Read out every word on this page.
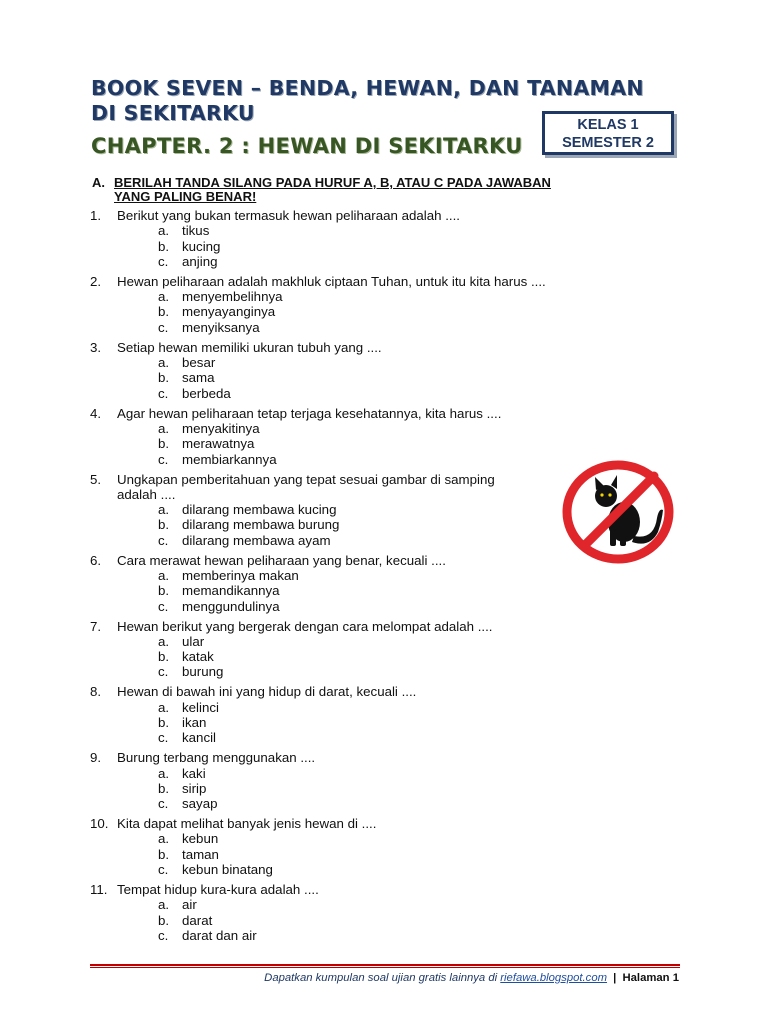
BOOK SEVEN – BENDA, HEWAN, DAN TANAMAN
DI SEKITARKU
CHAPTER. 2 : HEWAN DI SEKITARKU
KELAS 1
SEMESTER 2
A. BERILAH TANDA SILANG PADA HURUF A, B, ATAU C PADA JAWABAN
YANG PALING BENAR!
1.	Berikut yang bukan termasuk hewan peliharaan adalah ....
a. tikus
b. kucing
c.	anjing
2.	Hewan peliharaan adalah makhluk ciptaan Tuhan, untuk itu kita harus ....
a. menyembelihnya
b. menyayanginya
c.	menyiksanya
3.	Setiap hewan memiliki ukuran tubuh yang ....
a. besar
b. sama
c.	berbeda
4.	Agar hewan peliharaan tetap terjaga kesehatannya, kita harus ....
a. menyakitinya
b. merawatnya
c.	membiarkannya
5.	Ungkapan pemberitahuan yang tepat sesuai gambar di samping
adalah ....
a. dilarang membawa kucing
b. dilarang membawa burung
c.	dilarang membawa ayam
6.	Cara merawat hewan peliharaan yang benar, kecuali ....
a. memberinya makan
b. memandikannya
c.	menggundulinya
7.	Hewan berikut yang bergerak dengan cara melompat adalah ....
a. ular
b. katak
c.	burung
8.	Hewan di bawah ini yang hidup di darat, kecuali ....
a. kelinci
b. ikan
c.	kancil
9.	Burung terbang menggunakan ....
a. kaki
b. sirip
c.	sayap
10. Kita dapat melihat banyak jenis hewan di ....
a. kebun
b. taman
c.	kebun binatang
11. Tempat hidup kura-kura adalah ....
a. air
b. darat
c.	darat dan air
Dapatkan kumpulan soal ujian gratis lainnya di riefawa.blogspot.com | Halaman 1
